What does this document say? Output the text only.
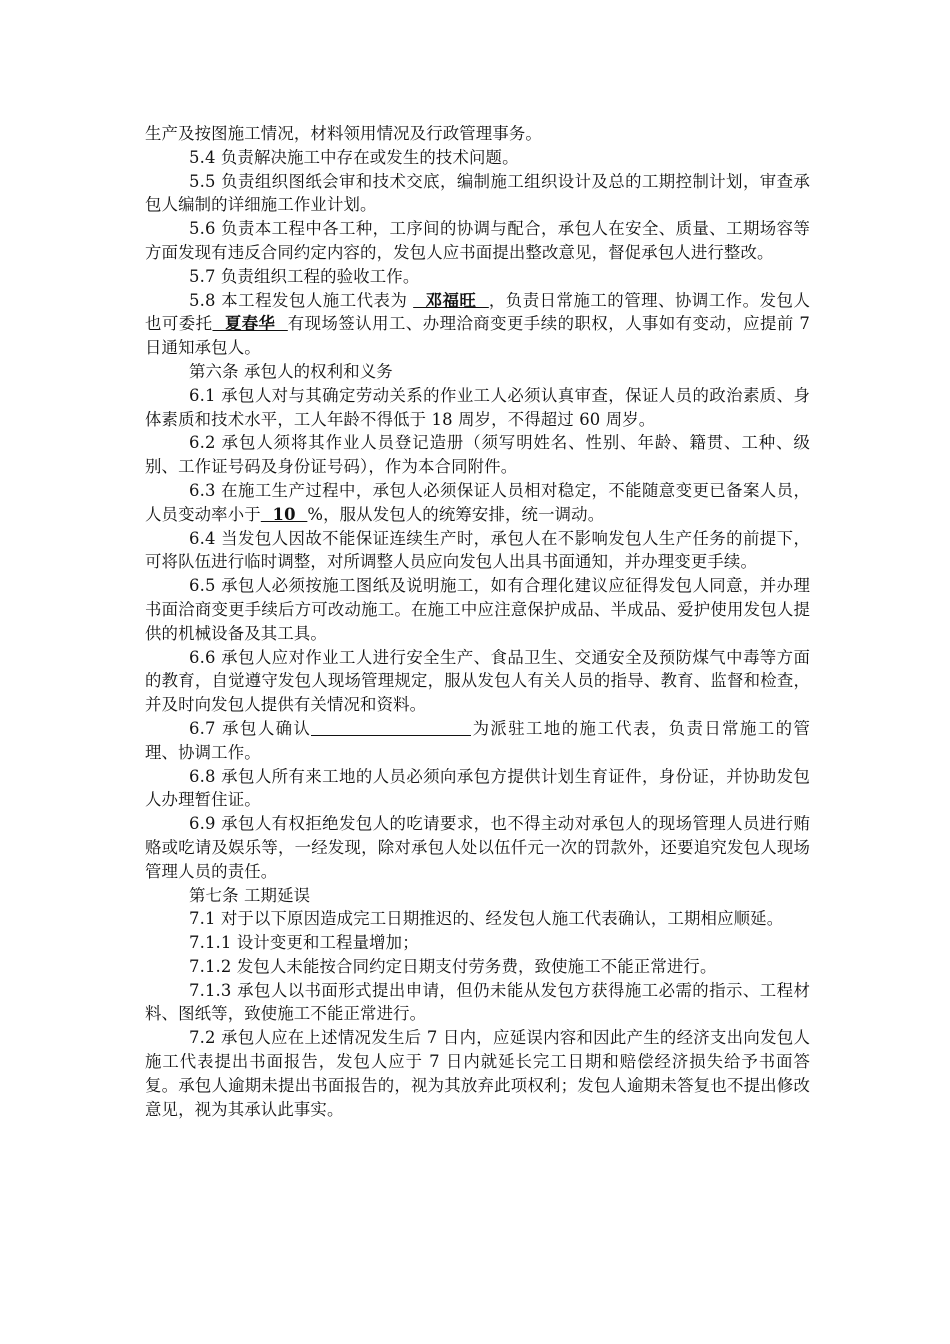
生产及按图施工情况，材料领用情况及行政管理事务。

5.4 负责解决施工中存在或发生的技术问题。

5.5 负责组织图纸会审和技术交底，编制施工组织设计及总的工期控制计划，审查承包人编制的详细施工作业计划。

5.6 负责本工程中各工种，工序间的协调与配合，承包人在安全、质量、工期场容等方面发现有违反合同约定内容的，发包人应书面提出整改意见，督促承包人进行整改。

5.7 负责组织工程的验收工作。

5.8 本工程发包人施工代表为   邓福旺  ，负责日常施工的管理、协调工作。发包人也可委托  夏春华  有现场签认用工、办理洽商变更手续的职权，人事如有变动，应提前 7 日通知承包人。

第六条 承包人的权利和义务

6.1 承包人对与其确定劳动关系的作业工人必须认真审查，保证人员的政治素质、身体素质和技术水平，工人年龄不得低于 18 周岁，不得超过 60 周岁。

6.2 承包人须将其作业人员登记造册（须写明姓名、性别、年龄、籍贯、工种、级别、工作证号码及身份证号码），作为本合同附件。

6.3 在施工生产过程中，承包人必须保证人员相对稳定，不能随意变更已备案人员，人员变动率小于  10  %，服从发包人的统筹安排，统一调动。

6.4 当发包人因故不能保证连续生产时，承包人在不影响发包人生产任务的前提下，可将队伍进行临时调整，对所调整人员应向发包人出具书面通知，并办理变更手续。

6.5 承包人必须按施工图纸及说明施工，如有合理化建议应征得发包人同意，并办理书面洽商变更手续后方可改动施工。在施工中应注意保护成品、半成品、爱护使用发包人提供的机械设备及其工具。

6.6 承包人应对作业工人进行安全生产、食品卫生、交通安全及预防煤气中毒等方面的教育，自觉遵守发包人现场管理规定，服从发包人有关人员的指导、教育、监督和检查，并及时向发包人提供有关情况和资料。

6.7 承包人确认	为派驻工地的施工代表，负责日常施工的管理、协调工作。

6.8 承包人所有来工地的人员必须向承包方提供计划生育证件，身份证，并协助发包人办理暂住证。

6.9 承包人有权拒绝发包人的吃请要求，也不得主动对承包人的现场管理人员进行贿赂或吃请及娱乐等，一经发现，除对承包人处以伍仟元一次的罚款外，还要追究发包人现场管理人员的责任。

第七条 工期延误

7.1 对于以下原因造成完工日期推迟的、经发包人施工代表确认，工期相应顺延。

7.1.1 设计变更和工程量增加；

7.1.2 发包人未能按合同约定日期支付劳务费，致使施工不能正常进行。

7.1.3 承包人以书面形式提出申请，但仍未能从发包方获得施工必需的指示、工程材料、图纸等，致使施工不能正常进行。

7.2 承包人应在上述情况发生后 7 日内，应延误内容和因此产生的经济支出向发包人施工代表提出书面报告，发包人应于 7 日内就延长完工日期和赔偿经济损失给予书面答复。承包人逾期未提出书面报告的，视为其放弃此项权利；发包人逾期未答复也不提出修改意见，视为其承认此事实。
